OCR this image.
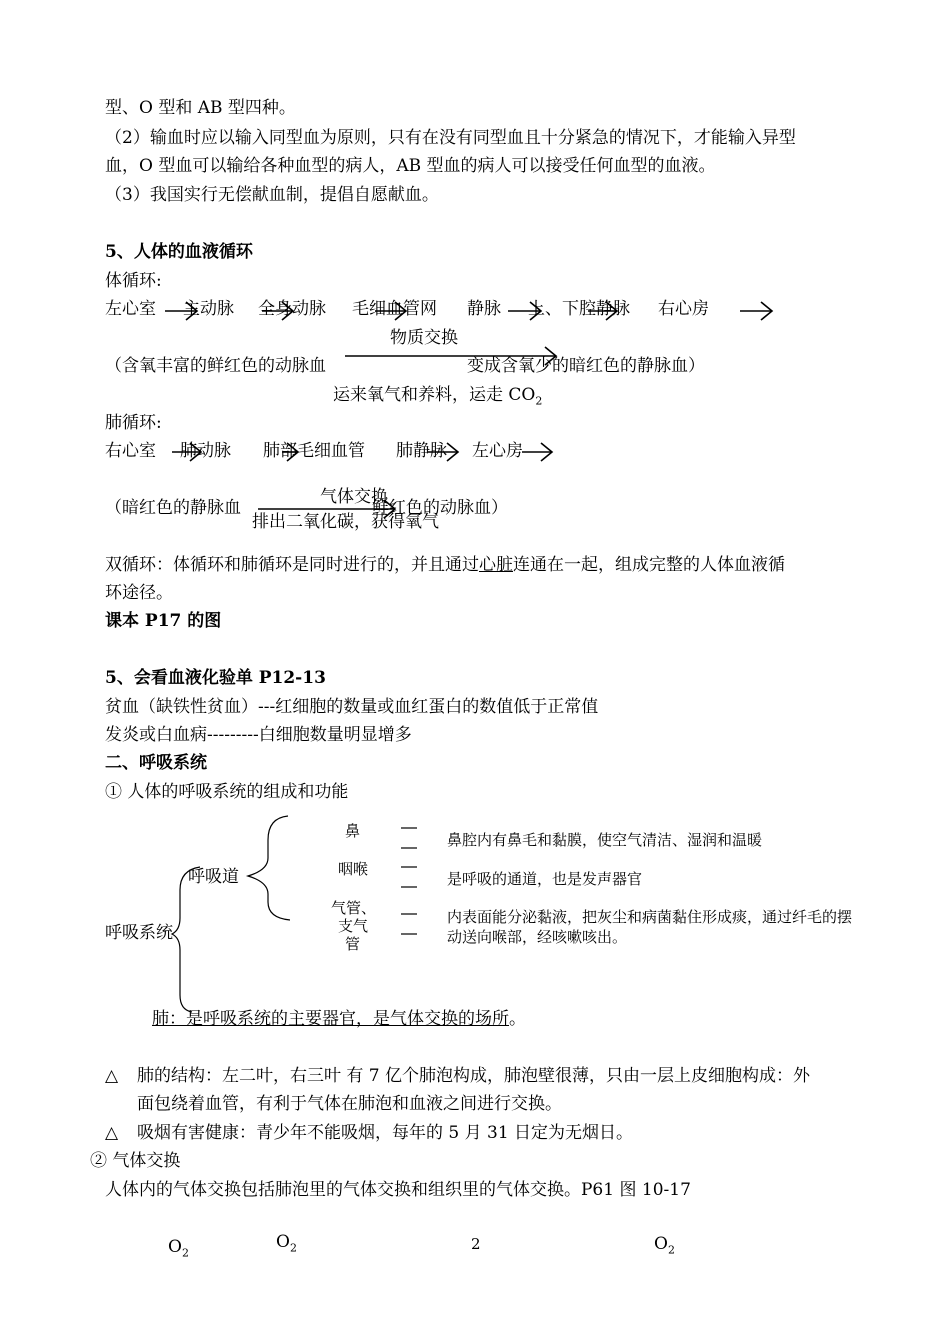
型、O 型和 AB 型四种。
（2）输血时应以输入同型血为原则，只有在没有同型血且十分紧急的情况下，才能输入异型
血，O 型血可以输给各种血型的病人，AB 型血的病人可以接受任何血型的血液。
（3）我国实行无偿献血制，提倡自愿献血。
5、人体的血液循环
体循环:
左心室 主动脉 全身动脉 毛细血管网 静脉 上、下腔静脉 右心房
物质交换
（含氧丰富的鲜红色的动脉血	变成含氧少的暗红色的静脉血）
运来氧气和养料，运走 $CO_2$
肺循环:
右心室 肺动脉 肺部毛细血管 肺静脉 左心房
气体交换
（暗红色的静脉血	鲜红色的动脉血）
排出二氧化碳，获得氧气
双循环：体循环和肺循环是同时进行的，并且通过心脏连通在一起，组成完整的人体血液循
环途径。
课本 P17 的图
5、会看血液化验单 P12-13
贫血（缺铁性贫血）---红细胞的数量或血红蛋白的数值低于正常值
发炎或白血病---------白细胞数量明显增多
二、呼吸系统
① 人体的呼吸系统的组成和功能
呼吸系统
呼吸道
鼻	鼻腔内有鼻毛和黏膜，使空气清洁、湿润和温暖
咽喉
是呼吸的通道，也是发声器官
气管、
支气
管
内表面能分泌黏液，把灰尘和病菌黏住形成痰，通过纤毛的摆
动送向喉部，经咳嗽咳出。
肺：是呼吸系统的主要器官，是气体交换的场所。
△ 肺的结构：左二叶，右三叶 有 7 亿个肺泡构成，肺泡壁很薄，只由一层上皮细胞构成：外
面包绕着血管，有利于气体在肺泡和血液之间进行交换。
△ 吸烟有害健康：青少年不能吸烟，每年的 5 月 31 日定为无烟日。
② 气体交换
人体内的气体交换包括肺泡里的气体交换和组织里的气体交换。P61 图 10-17
$O_2$
$O_2$	2	$O_2$
